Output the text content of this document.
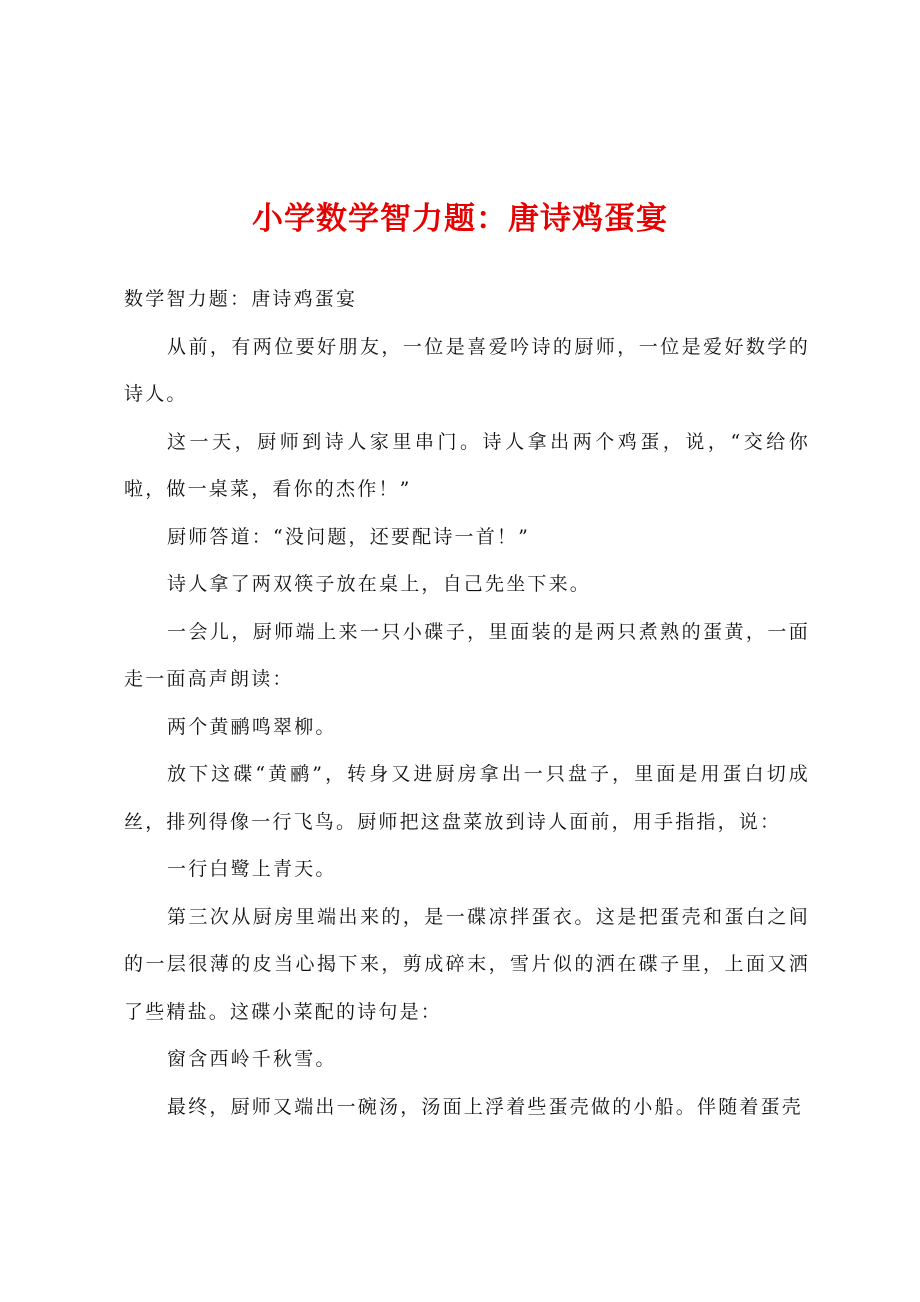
小学数学智力题：唐诗鸡蛋宴

数学智力题：唐诗鸡蛋宴

从前，有两位要好朋友，一位是喜爱吟诗的厨师，一位是爱好数学的诗人。

这一天，厨师到诗人家里串门。诗人拿出两个鸡蛋，说，“交给你啦，做一桌菜，看你的杰作！”

厨师答道：“没问题，还要配诗一首！”

诗人拿了两双筷子放在桌上，自己先坐下来。

一会儿，厨师端上来一只小碟子，里面装的是两只煮熟的蛋黄，一面走一面高声朗读：

两个黄鹂鸣翠柳。

放下这碟“黄鹂”，转身又进厨房拿出一只盘子，里面是用蛋白切成丝，排列得像一行飞鸟。厨师把这盘菜放到诗人面前，用手指指，说：

一行白鹭上青天。

第三次从厨房里端出来的，是一碟凉拌蛋衣。这是把蛋壳和蛋白之间的一层很薄的皮当心揭下来，剪成碎末，雪片似的洒在碟子里，上面又洒了些精盐。这碟小菜配的诗句是：

窗含西岭千秋雪。

最终，厨师又端出一碗汤，汤面上浮着些蛋壳做的小船。伴随着蛋壳
